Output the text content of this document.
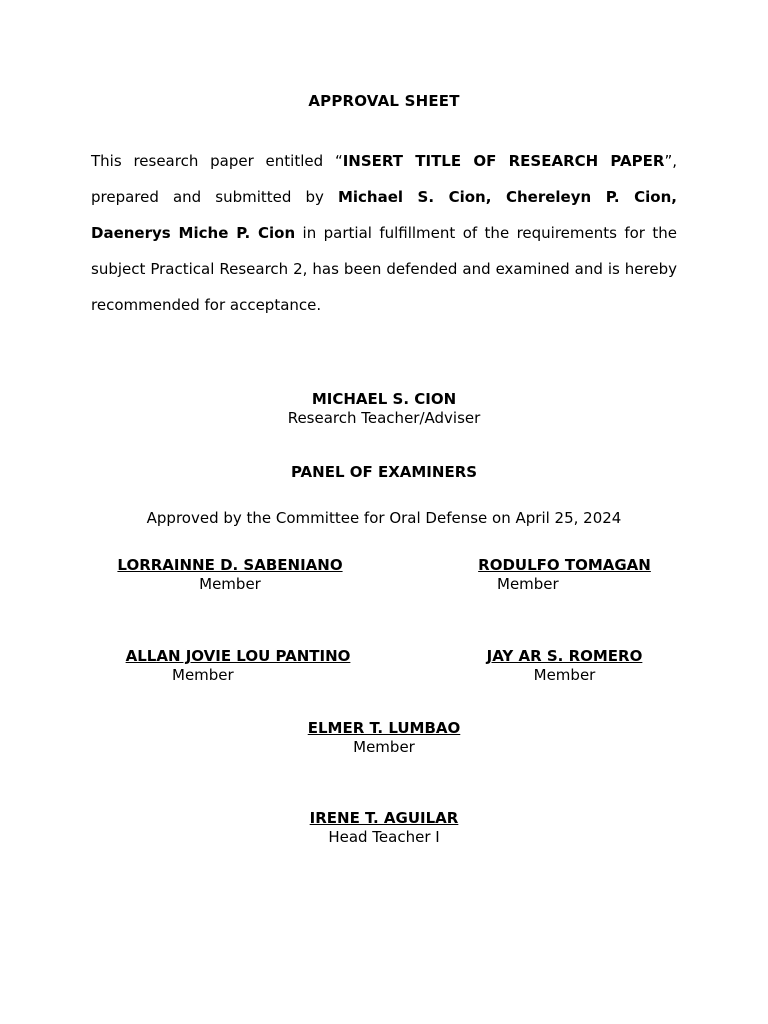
APPROVAL SHEET
This research paper entitled “INSERT TITLE OF RESEARCH PAPER”, prepared and submitted by Michael S. Cion, Chereleyn P. Cion, Daenerys Miche P. Cion in partial fulfillment of the requirements for the subject Practical Research 2, has been defended and examined and is hereby recommended for acceptance.
MICHAEL S. CION
Research Teacher/Adviser
PANEL OF EXAMINERS
Approved by the Committee for Oral Defense on April 25, 2024
LORRAINNE D. SABENIANO
Member
RODULFO TOMAGAN
Member
ALLAN JOVIE LOU PANTINO
Member
JAY AR S. ROMERO
Member
ELMER T. LUMBAO
Member
IRENE T. AGUILAR
Head Teacher I
